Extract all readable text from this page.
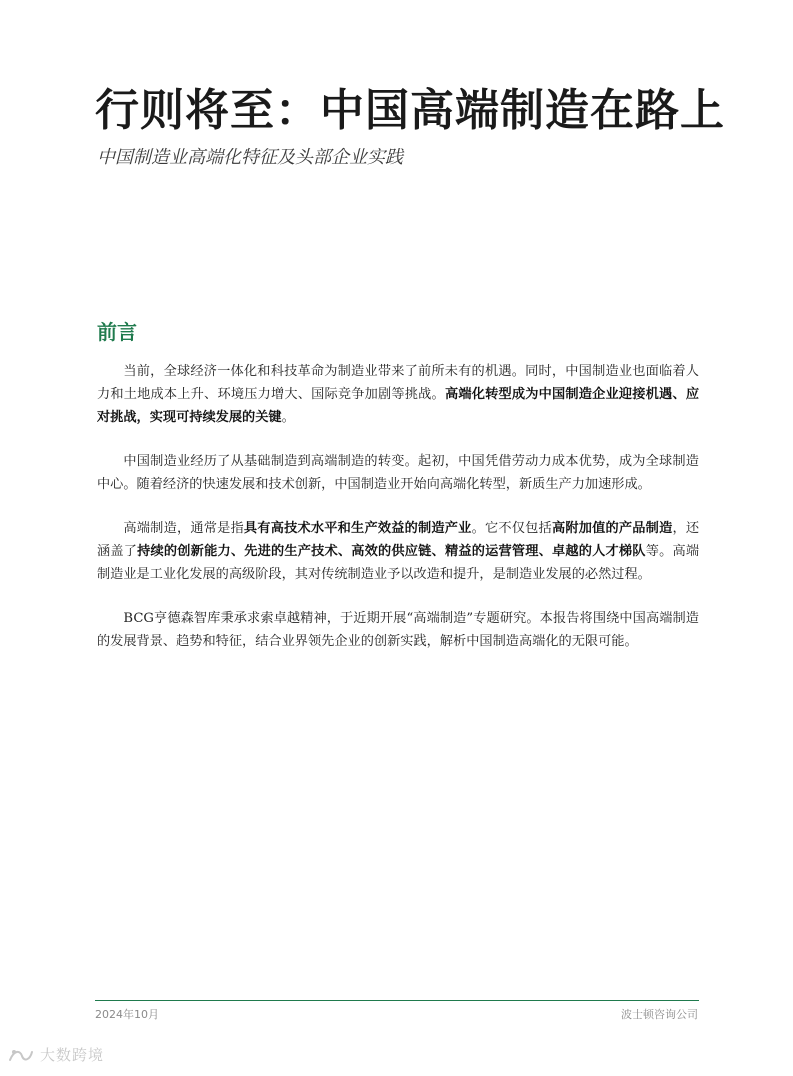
行则将至：中国高端制造在路上
中国制造业高端化特征及头部企业实践
前言

当前，全球经济一体化和科技革命为制造业带来了前所未有的机遇。同时，中国制造业也面临着人力和土地成本上升、环境压力增大、国际竞争加剧等挑战。高端化转型成为中国制造企业迎接机遇、应对挑战，实现可持续发展的关键。

中国制造业经历了从基础制造到高端制造的转变。起初，中国凭借劳动力成本优势，成为全球制造中心。随着经济的快速发展和技术创新，中国制造业开始向高端化转型，新质生产力加速形成。

高端制造，通常是指具有高技术水平和生产效益的制造产业。它不仅包括高附加值的产品制造，还涵盖了持续的创新能力、先进的生产技术、高效的供应链、精益的运营管理、卓越的人才梯队等。高端制造业是工业化发展的高级阶段，其对传统制造业予以改造和提升，是制造业发展的必然过程。

BCG亨德森智库秉承求索卓越精神，于近期开展“高端制造”专题研究。本报告将围绕中国高端制造的发展背景、趋势和特征，结合业界领先企业的创新实践，解析中国制造高端化的无限可能。

2024年10月	波士顿咨询公司
大数跨境
